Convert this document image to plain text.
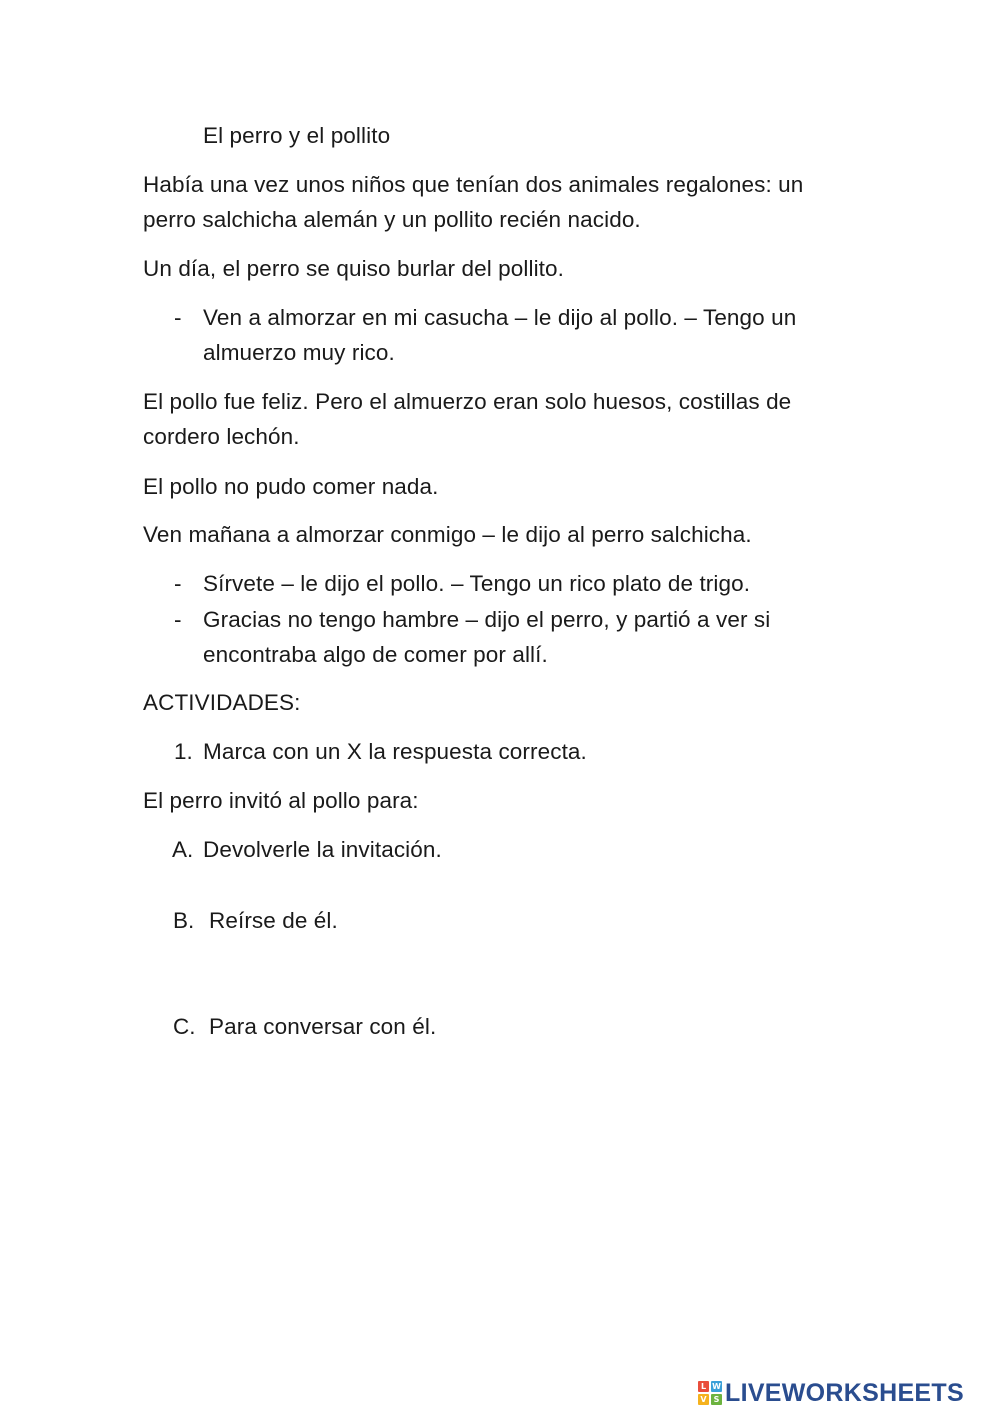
El perro y el pollito
Había una vez unos niños que tenían dos animales regalones: un
perro salchicha alemán y un pollito recién nacido.
Un día, el perro se quiso burlar del pollito.
- Ven a almorzar en mi casucha – le dijo al pollo. – Tengo un
almuerzo muy rico.
El pollo fue feliz. Pero el almuerzo eran solo huesos, costillas de
cordero lechón.
El pollo no pudo comer nada.
Ven mañana a almorzar conmigo – le dijo al perro salchicha.
- Sírvete – le dijo el pollo. – Tengo un rico plato de trigo.
- Gracias no tengo hambre – dijo el perro, y partió a ver si
encontraba algo de comer por allí.
ACTIVIDADES:
1. Marca con un X la respuesta correcta.
El perro invitó al pollo para:
A. Devolverle la invitación.
B. Reírse de él.
C. Para conversar con él.
L W
V S LIVEWORKSHEETS
